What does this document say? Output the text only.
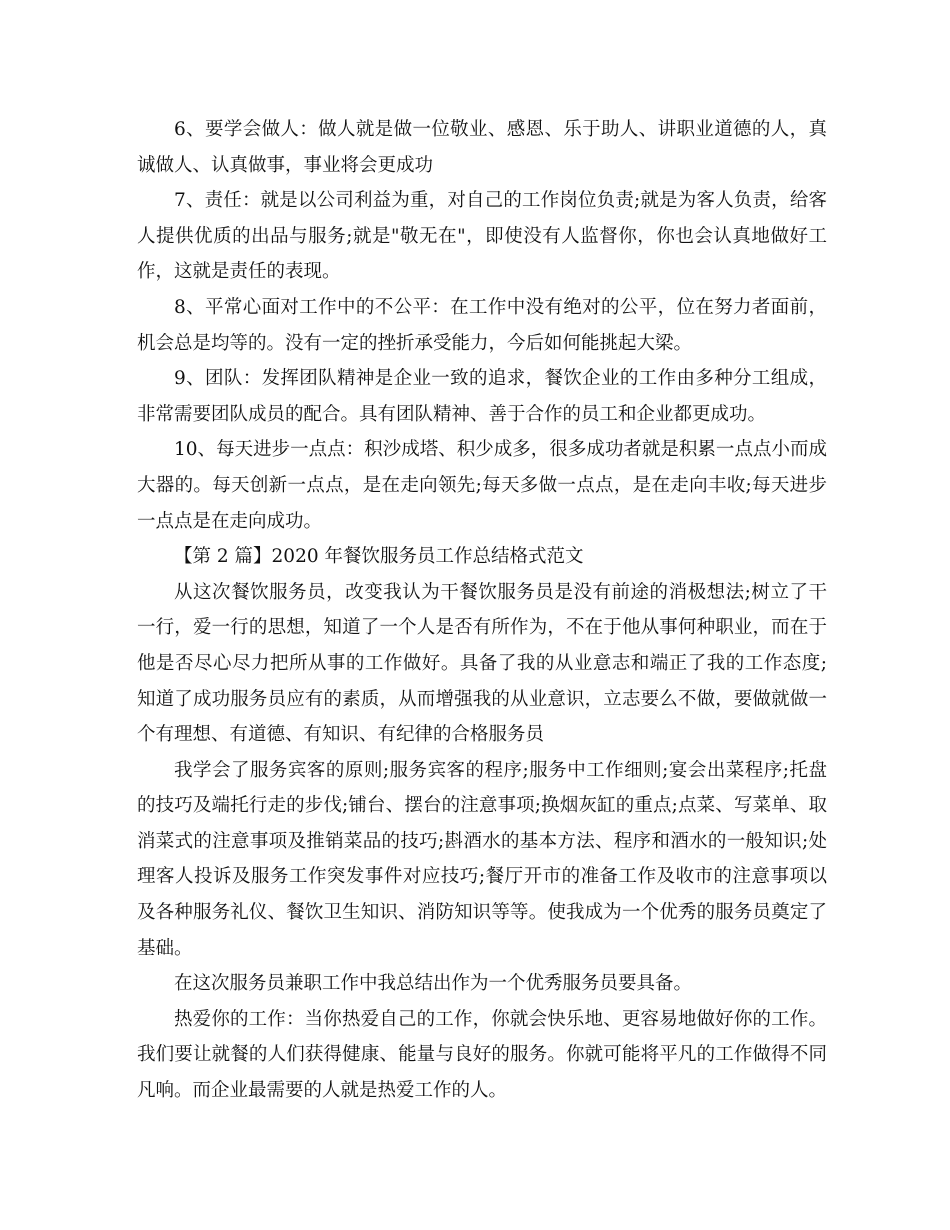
6、要学会做人：做人就是做一位敬业、感恩、乐于助人、讲职业道德的人，真诚做人、认真做事，事业将会更成功

7、责任：就是以公司利益为重，对自己的工作岗位负责;就是为客人负责，给客人提供优质的出品与服务;就是"敬无在"，即使没有人监督你，你也会认真地做好工作，这就是责任的表现。

8、平常心面对工作中的不公平：在工作中没有绝对的公平，位在努力者面前，机会总是均等的。没有一定的挫折承受能力，今后如何能挑起大梁。

9、团队：发挥团队精神是企业一致的追求，餐饮企业的工作由多种分工组成，非常需要团队成员的配合。具有团队精神、善于合作的员工和企业都更成功。

10、每天进步一点点：积沙成塔、积少成多，很多成功者就是积累一点点小而成大器的。每天创新一点点，是在走向领先;每天多做一点点，是在走向丰收;每天进步一点点是在走向成功。

【第 2 篇】2020 年餐饮服务员工作总结格式范文

从这次餐饮服务员，改变我认为干餐饮服务员是没有前途的消极想法;树立了干一行，爱一行的思想，知道了一个人是否有所作为，不在于他从事何种职业，而在于他是否尽心尽力把所从事的工作做好。具备了我的从业意志和端正了我的工作态度;知道了成功服务员应有的素质，从而增强我的从业意识，立志要么不做，要做就做一个有理想、有道德、有知识、有纪律的合格服务员

我学会了服务宾客的原则;服务宾客的程序;服务中工作细则;宴会出菜程序;托盘的技巧及端托行走的步伐;铺台、摆台的注意事项;换烟灰缸的重点;点菜、写菜单、取消菜式的注意事项及推销菜品的技巧;斟酒水的基本方法、程序和酒水的一般知识;处理客人投诉及服务工作突发事件对应技巧;餐厅开市的准备工作及收市的注意事项以及各种服务礼仪、餐饮卫生知识、消防知识等等。使我成为一个优秀的服务员奠定了基础。

在这次服务员兼职工作中我总结出作为一个优秀服务员要具备。

热爱你的工作：当你热爱自己的工作，你就会快乐地、更容易地做好你的工作。我们要让就餐的人们获得健康、能量与良好的服务。你就可能将平凡的工作做得不同凡响。而企业最需要的人就是热爱工作的人。
